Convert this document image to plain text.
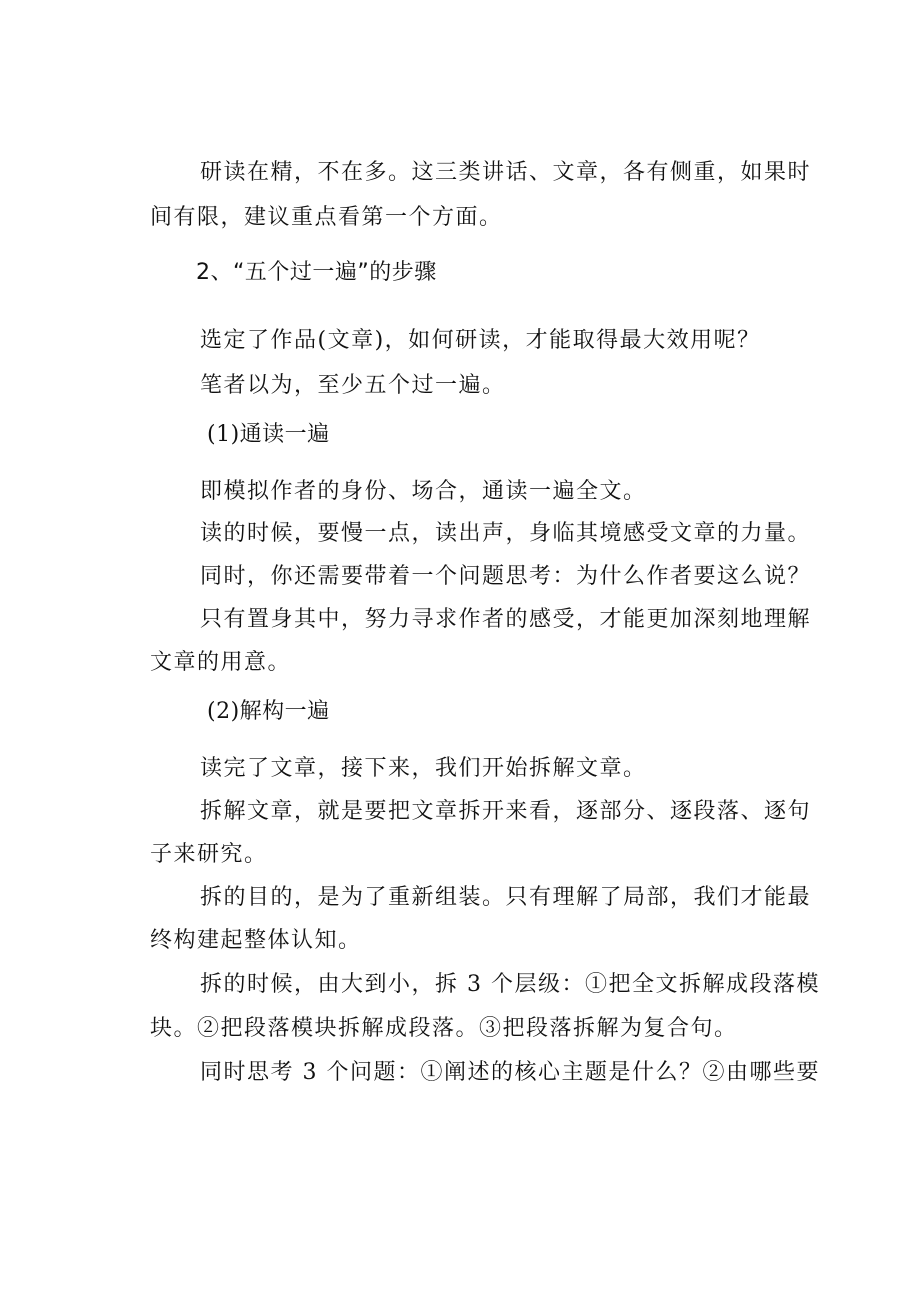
研读在精，不在多。这三类讲话、文章，各有侧重，如果时
间有限，建议重点看第一个方面。
2、“五个过一遍”的步骤
选定了作品(文章)，如何研读，才能取得最大效用呢？
笔者以为，至少五个过一遍。
(1)通读一遍
即模拟作者的身份、场合，通读一遍全文。
读的时候，要慢一点，读出声，身临其境感受文章的力量。
同时，你还需要带着一个问题思考：为什么作者要这么说？
只有置身其中，努力寻求作者的感受，才能更加深刻地理解
文章的用意。
(2)解构一遍
读完了文章，接下来，我们开始拆解文章。
拆解文章，就是要把文章拆开来看，逐部分、逐段落、逐句
子来研究。
拆的目的，是为了重新组装。只有理解了局部，我们才能最
终构建起整体认知。
拆的时候，由大到小，拆 3 个层级：①把全文拆解成段落模
块。②把段落模块拆解成段落。③把段落拆解为复合句。
同时思考 3 个问题：①阐述的核心主题是什么？②由哪些要
